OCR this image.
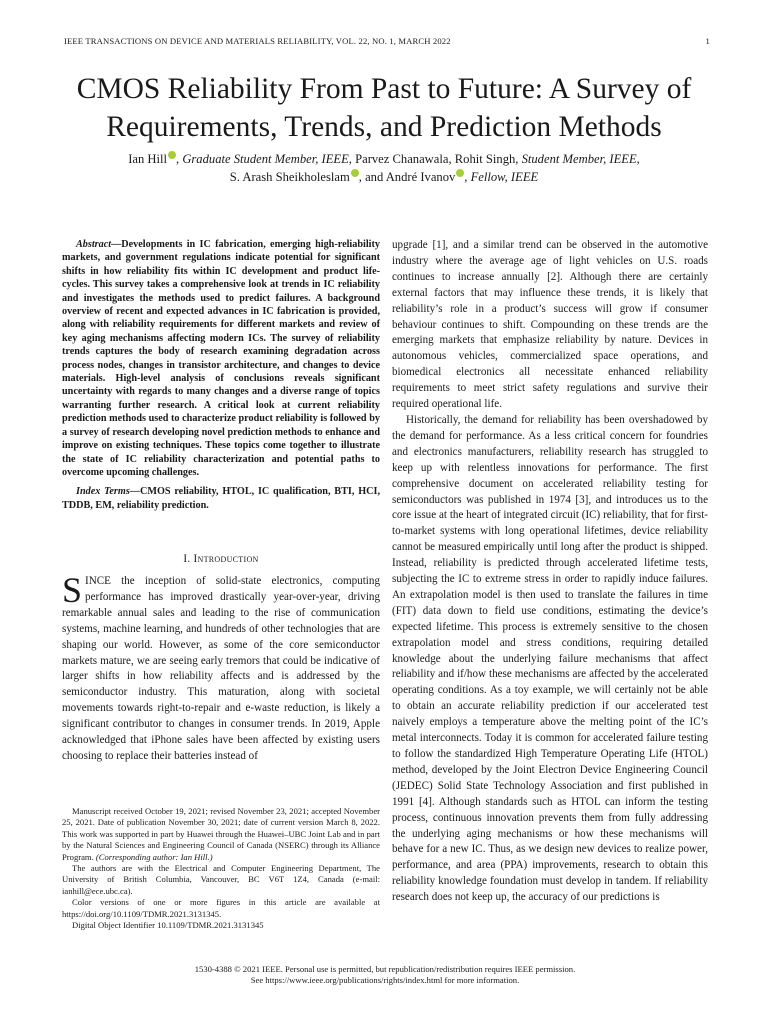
IEEE TRANSACTIONS ON DEVICE AND MATERIALS RELIABILITY, VOL. 22, NO. 1, MARCH 2022	1
CMOS Reliability From Past to Future: A Survey of
Requirements, Trends, and Prediction Methods
Ian Hill , Graduate Student Member, IEEE, Parvez Chanawala, Rohit Singh, Student Member, IEEE,
S. Arash Sheikholeslam , and André Ivanov , Fellow, IEEE

Abstract—Developments in IC fabrication, emerging high-reliability markets, and government regulations indicate potential for significant shifts in how reliability fits within IC development and product life-cycles. This survey takes a comprehensive look at trends in IC reliability and investigates the methods used to predict failures. A background overview of recent and expected advances in IC fabrication is provided, along with reliability requirements for different markets and review of key aging mechanisms affecting modern ICs. The survey of reliability trends captures the body of research examining degradation across process nodes, changes in transistor architecture, and changes to device materials. High-level analysis of conclusions reveals significant uncertainty with regards to many changes and a diverse range of topics warranting further research. A critical look at current reliability prediction methods used to characterize product reliability is followed by a survey of research developing novel prediction methods to enhance and improve on existing techniques. These topics come together to illustrate the state of IC reliability characterization and potential paths to overcome upcoming challenges.

Index Terms—CMOS reliability, HTOL, IC qualification, BTI, HCI, TDDB, EM, reliability prediction.

I. Introduction

SINCE the inception of solid-state electronics, computing performance has improved drastically year-over-year, driving remarkable annual sales and leading to the rise of communication systems, machine learning, and hundreds of other technologies that are shaping our world. However, as some of the core semiconductor markets mature, we are seeing early tremors that could be indicative of larger shifts in how reliability affects and is addressed by the semiconductor industry. This maturation, along with societal movements towards right-to-repair and e-waste reduction, is likely a significant contributor to changes in consumer trends. In 2019, Apple acknowledged that iPhone sales have been affected by existing users choosing to replace their batteries instead of

upgrade [1], and a similar trend can be observed in the automotive industry where the average age of light vehicles on U.S. roads continues to increase annually [2]. Although there are certainly external factors that may influence these trends, it is likely that reliability’s role in a product’s success will grow if consumer behaviour continues to shift. Compounding on these trends are the emerging markets that emphasize reliability by nature. Devices in autonomous vehicles, commercialized space operations, and biomedical electronics all necessitate enhanced reliability requirements to meet strict safety regulations and survive their required operational life.

Historically, the demand for reliability has been overshadowed by the demand for performance. As a less critical concern for foundries and electronics manufacturers, reliability research has struggled to keep up with relentless innovations for performance. The first comprehensive document on accelerated reliability testing for semiconductors was published in 1974 [3], and introduces us to the core issue at the heart of integrated circuit (IC) reliability, that for first-to-market systems with long operational lifetimes, device reliability cannot be measured empirically until long after the product is shipped. Instead, reliability is predicted through accelerated lifetime tests, subjecting the IC to extreme stress in order to rapidly induce failures. An extrapolation model is then used to translate the failures in time (FIT) data down to field use conditions, estimating the device’s expected lifetime. This process is extremely sensitive to the chosen extrapolation model and stress conditions, requiring detailed knowledge about the underlying failure mechanisms that affect reliability and if/how these mechanisms are affected by the accelerated operating conditions. As a toy example, we will certainly not be able to obtain an accurate reliability prediction if our accelerated test naively employs a temperature above the melting point of the IC’s metal interconnects. Today it is common for accelerated failure testing to follow the standardized High Temperature Operating Life (HTOL) method, developed by the Joint Electron Device Engineering Council (JEDEC) Solid State Technology Association and first published in 1991 [4]. Although standards such as HTOL can inform the testing process, continuous innovation prevents them from fully addressing the underlying aging mechanisms or how these mechanisms will behave for a new IC. Thus, as we design new devices to realize power, performance, and area (PPA) improvements, research to obtain this reliability knowledge foundation must develop in tandem. If reliability research does not keep up, the accuracy of our predictions is

Manuscript received October 19, 2021; revised November 23, 2021; accepted November 25, 2021. Date of publication November 30, 2021; date of current version March 8, 2022. This work was supported in part by Huawei through the Huawei–UBC Joint Lab and in part by the Natural Sciences and Engineering Council of Canada (NSERC) through its Alliance Program. (Corresponding author: Ian Hill.)

The authors are with the Electrical and Computer Engineering Department, The University of British Columbia, Vancouver, BC V6T 1Z4, Canada (e-mail: ianhill@ece.ubc.ca).

Color versions of one or more figures in this article are available at https://doi.org/10.1109/TDMR.2021.3131345.

Digital Object Identifier 10.1109/TDMR.2021.3131345

1530-4388 © 2021 IEEE. Personal use is permitted, but republication/redistribution requires IEEE permission.
See https://www.ieee.org/publications/rights/index.html for more information.
